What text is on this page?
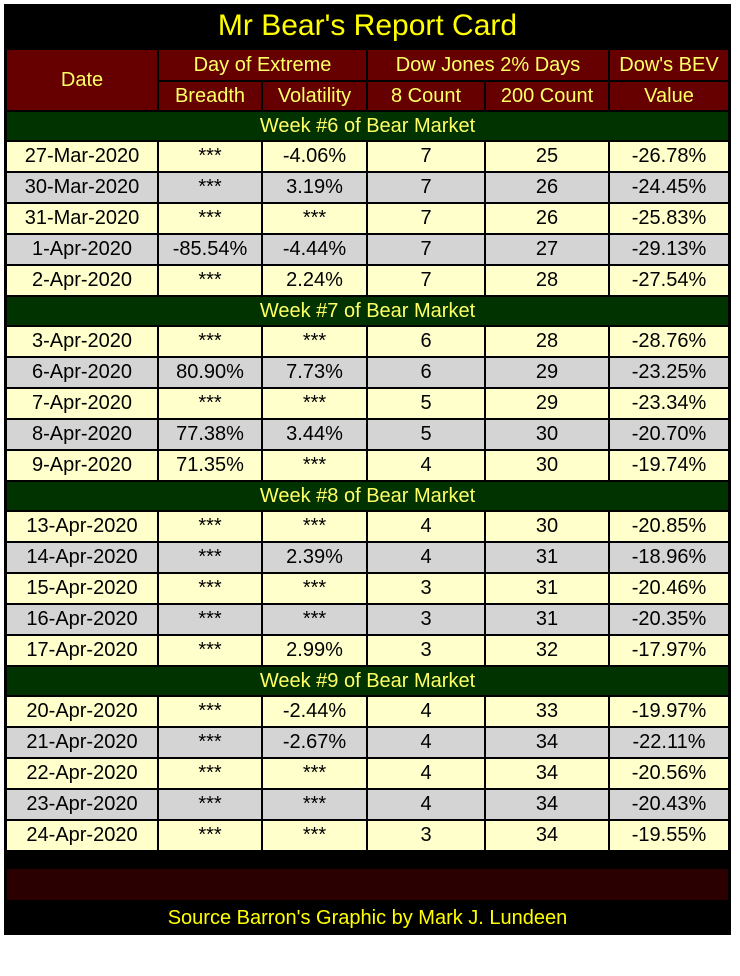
Mr Bear's Report Card
Date
Day of Extreme	Dow Jones 2% Days	Dow's BEV
Breadth	Volatility	8 Count	200 Count	Value
Week #6 of Bear Market
27-Mar-2020	***	-4.06%	7	25	-26.78%
30-Mar-2020	***	3.19%	7	26	-24.45%
31-Mar-2020	***	***	7	26	-25.83%
1-Apr-2020	-85.54%	-4.44%	7	27	-29.13%
2-Apr-2020	***	2.24%	7	28	-27.54%
Week #7 of Bear Market
3-Apr-2020	***	***	6	28	-28.76%
6-Apr-2020	80.90%	7.73%	6	29	-23.25%
7-Apr-2020	***	***	5	29	-23.34%
8-Apr-2020	77.38%	3.44%	5	30	-20.70%
9-Apr-2020	71.35%	***	4	30	-19.74%
Week #8 of Bear Market
13-Apr-2020	***	***	4	30	-20.85%
14-Apr-2020	***	2.39%	4	31	-18.96%
15-Apr-2020	***	***	3	31	-20.46%
16-Apr-2020	***	***	3	31	-20.35%
17-Apr-2020	***	2.99%	3	32	-17.97%
Week #9 of Bear Market
20-Apr-2020	***	-2.44%	4	33	-19.97%
21-Apr-2020	***	-2.67%	4	34	-22.11%
22-Apr-2020	***	***	4	34	-20.56%
23-Apr-2020	***	***	4	34	-20.43%
24-Apr-2020	***	***	3	34	-19.55%
Source Barron's Graphic by Mark J. Lundeen
